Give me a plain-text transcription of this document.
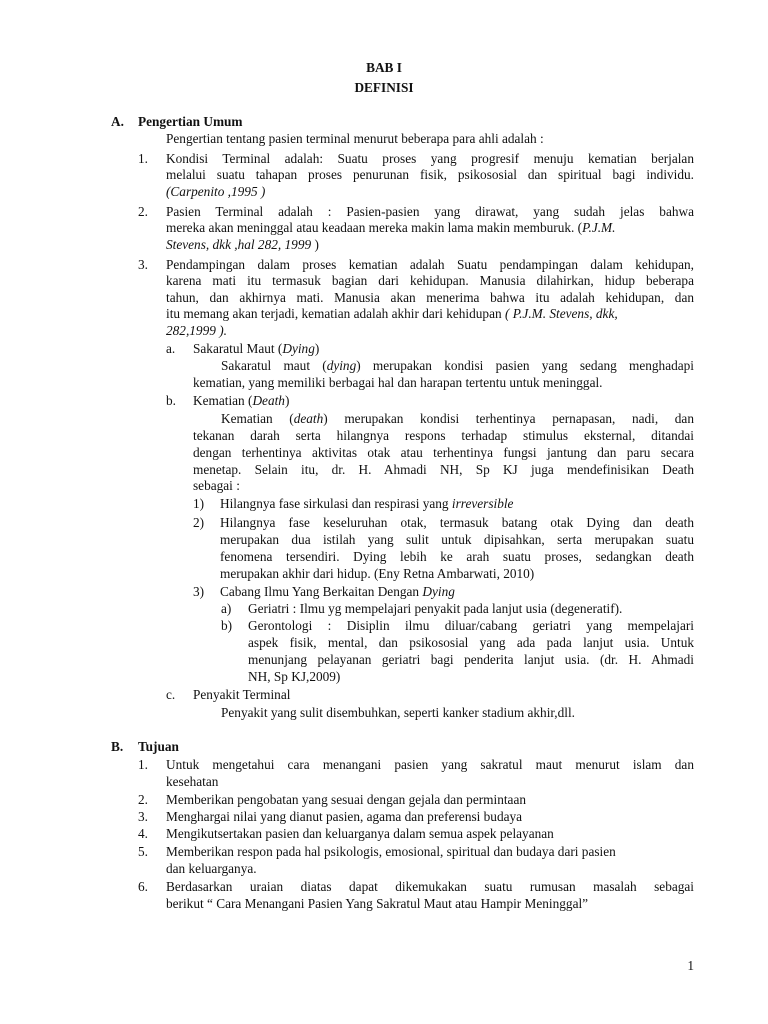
BAB I
DEFINISI
A. Pengertian Umum
Pengertian tentang pasien terminal menurut beberapa para ahli adalah :
1. Kondisi Terminal adalah: Suatu proses yang progresif menuju kematian berjalan
melalui suatu tahapan proses penurunan fisik, psikososial dan spiritual bagi individu.
(Carpenito ,1995 )
2. Pasien Terminal adalah : Pasien-pasien yang dirawat, yang sudah jelas bahwa
mereka akan meninggal atau keadaan mereka makin lama makin memburuk. (P.J.M.
Stevens, dkk ,hal 282, 1999 )
3. Pendampingan dalam proses kematian adalah Suatu pendampingan dalam kehidupan,
karena mati itu termasuk bagian dari kehidupan. Manusia dilahirkan, hidup beberapa
tahun, dan akhirnya mati. Manusia akan menerima bahwa itu adalah kehidupan, dan
itu memang akan terjadi, kematian adalah akhir dari kehidupan ( P.J.M. Stevens, dkk,
282,1999 ).
a. Sakaratul Maut (Dying)
Sakaratul maut (dying) merupakan kondisi pasien yang sedang menghadapi
kematian, yang memiliki berbagai hal dan harapan tertentu untuk meninggal.
b. Kematian (Death)
Kematian (death) merupakan kondisi terhentinya pernapasan, nadi, dan
tekanan darah serta hilangnya respons terhadap stimulus eksternal, ditandai
dengan terhentinya aktivitas otak atau terhentinya fungsi jantung dan paru secara
menetap. Selain itu, dr. H. Ahmadi NH, Sp KJ juga mendefinisikan Death
sebagai :
1) Hilangnya fase sirkulasi dan respirasi yang irreversible
2) Hilangnya fase keseluruhan otak, termasuk batang otak Dying dan death
merupakan dua istilah yang sulit untuk dipisahkan, serta merupakan suatu
fenomena tersendiri. Dying lebih ke arah suatu proses, sedangkan death
merupakan akhir dari hidup. (Eny Retna Ambarwati, 2010)
3) Cabang Ilmu Yang Berkaitan Dengan Dying
a) Geriatri : Ilmu yg mempelajari penyakit pada lanjut usia (degeneratif).
b) Gerontologi : Disiplin ilmu diluar/cabang geriatri yang mempelajari
aspek fisik, mental, dan psikososial yang ada pada lanjut usia. Untuk
menunjang pelayanan geriatri bagi penderita lanjut usia. (dr. H. Ahmadi
NH, Sp KJ,2009)
c. Penyakit Terminal
Penyakit yang sulit disembuhkan, seperti kanker stadium akhir,dll.
B. Tujuan
1. Untuk mengetahui cara menangani pasien yang sakratul maut menurut islam dan
kesehatan
2. Memberikan pengobatan yang sesuai dengan gejala dan permintaan
3. Menghargai nilai yang dianut pasien, agama dan preferensi budaya
4. Mengikutsertakan pasien dan keluarganya dalam semua aspek pelayanan
5. Memberikan respon pada hal psikologis, emosional, spiritual dan budaya dari pasien
dan keluarganya.
6. Berdasarkan uraian diatas dapat dikemukakan suatu rumusan masalah sebagai
berikut “ Cara Menangani Pasien Yang Sakratul Maut atau Hampir Meninggal”
1
